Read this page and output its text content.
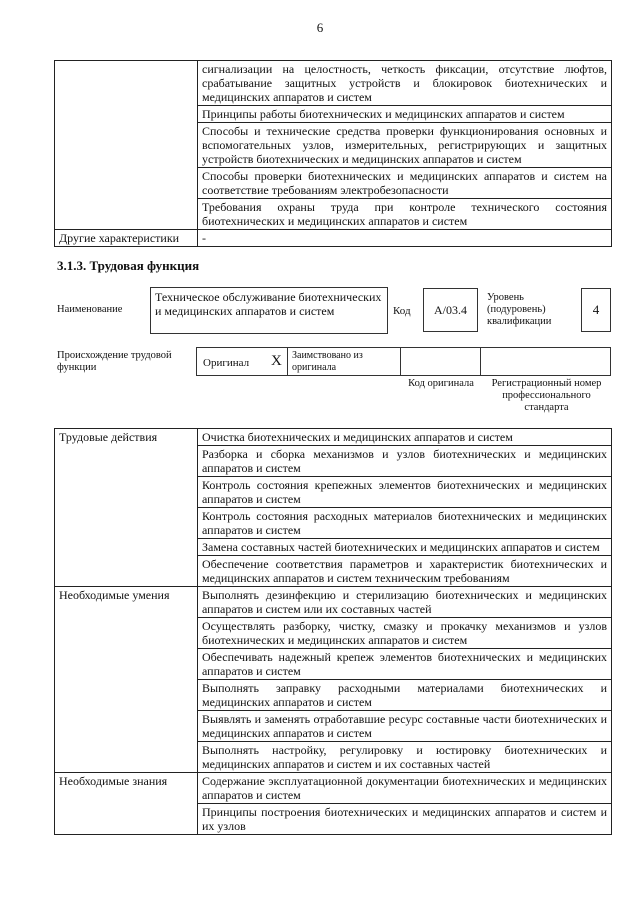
6
	сигнализации на целостность, четкость фиксации, отсутствие люфтов, срабатывание защитных устройств и блокировок биотехнических и медицинских аппаратов и систем
	Принципы работы биотехнических и медицинских аппаратов и систем
	Способы и технические средства проверки функционирования основных и вспомогательных узлов, измерительных, регистрирующих и защитных устройств биотехнических и медицинских аппаратов и систем
	Способы проверки биотехнических и медицинских аппаратов и систем на соответствие требованиям электробезопасности
	Требования охраны труда при контроле технического состояния биотехнических и медицинских аппаратов и систем
Другие характеристики	-
3.1.3. Трудовая функция
Наименование
Техническое обслуживание биотехнических и медицинских аппаратов и систем	Код A/03.4
Уровень (подуровень) квалификации
4
Происхождение трудовой функции	Оригинал X Заимствовано из оригинала
Код оригинала	Регистрационный номер профессионального стандарта
Трудовые действия	Очистка биотехнических и медицинских аппаратов и систем
	Разборка и сборка механизмов и узлов биотехнических и медицинских аппаратов и систем
	Контроль состояния крепежных элементов биотехнических и медицинских аппаратов и систем
	Контроль состояния расходных материалов биотехнических и медицинских аппаратов и систем
	Замена составных частей биотехнических и медицинских аппаратов и систем
	Обеспечение соответствия параметров и характеристик биотехнических и медицинских аппаратов и систем техническим требованиям
Необходимые умения	Выполнять дезинфекцию и стерилизацию биотехнических и медицинских аппаратов и систем или их составных частей
	Осуществлять разборку, чистку, смазку и прокачку механизмов и узлов биотехнических и медицинских аппаратов и систем
	Обеспечивать надежный крепеж элементов биотехнических и медицинских аппаратов и систем
	Выполнять заправку расходными материалами биотехнических и медицинских аппаратов и систем
	Выявлять и заменять отработавшие ресурс составные части биотехнических и медицинских аппаратов и систем
	Выполнять настройку, регулировку и юстировку биотехнических и медицинских аппаратов и систем и их составных частей
Необходимые знания	Содержание эксплуатационной документации биотехнических и медицинских аппаратов и систем
	Принципы построения биотехнических и медицинских аппаратов и систем и их узлов
